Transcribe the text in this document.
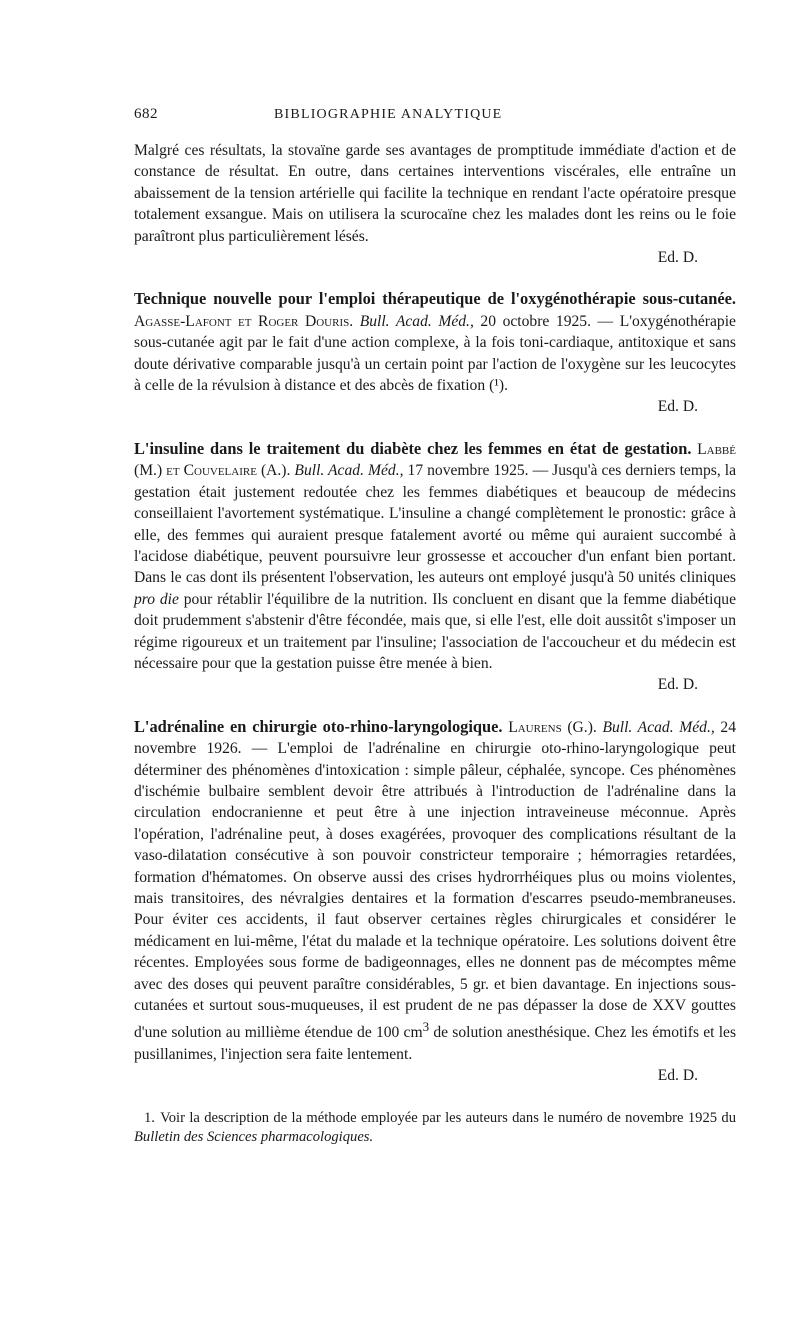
682	BIBLIOGRAPHIE ANALYTIQUE

Malgré ces résultats, la stovaïne garde ses avantages de promptitude immédiate d'action et de constance de résultat. En outre, dans certaines interventions viscérales, elle entraîne un abaissement de la tension artérielle qui facilite la technique en rendant l'acte opératoire presque totalement exsangue. Mais on utilisera la scurocaïne chez les malades dont les reins ou le foie paraîtront plus particulièrement lésés.

Ed. D.

Technique nouvelle pour l'emploi thérapeutique de l'oxygénothérapie sous-cutanée. Agasse-Lafont et Roger Douris. Bull. Acad. Méd., 20 octobre 1925. — L'oxygénothérapie sous-cutanée agit par le fait d'une action complexe, à la fois toni-cardiaque, antitoxique et sans doute dérivative comparable jusqu'à un certain point par l'action de l'oxygène sur les leucocytes à celle de la révulsion à distance et des abcès de fixation (¹).

Ed. D.

L'insuline dans le traitement du diabète chez les femmes en état de gestation. Labbé (M.) et Couvelaire (A.). Bull. Acad. Méd., 17 novembre 1925. — Jusqu'à ces derniers temps, la gestation était justement redoutée chez les femmes diabétiques et beaucoup de médecins conseillaient l'avortement systématique. L'insuline a changé complètement le pronostic: grâce à elle, des femmes qui auraient presque fatalement avorté ou même qui auraient succombé à l'acidose diabétique, peuvent poursuivre leur grossesse et accoucher d'un enfant bien portant. Dans le cas dont ils présentent l'observation, les auteurs ont employé jusqu'à 50 unités cliniques pro die pour rétablir l'équilibre de la nutrition. Ils concluent en disant que la femme diabétique doit prudemment s'abstenir d'être fécondée, mais que, si elle l'est, elle doit aussitôt s'imposer un régime rigoureux et un traitement par l'insuline; l'association de l'accoucheur et du médecin est nécessaire pour que la gestation puisse être menée à bien.

Ed. D.

L'adrénaline en chirurgie oto-rhino-laryngologique. Laurens (G.). Bull. Acad. Méd., 24 novembre 1926. — L'emploi de l'adrénaline en chirurgie oto-rhino-laryngologique peut déterminer des phénomènes d'intoxication : simple pâleur, céphalée, syncope. Ces phénomènes d'ischémie bulbaire semblent devoir être attribués à l'introduction de l'adrénaline dans la circulation endocranienne et peut être à une injection intraveineuse méconnue. Après l'opération, l'adrénaline peut, à doses exagérées, provoquer des complications résultant de la vaso-dilatation consécutive à son pouvoir constricteur temporaire ; hémorragies retardées, formation d'hématomes. On observe aussi des crises hydrorrhéiques plus ou moins violentes, mais transitoires, des névralgies dentaires et la formation d'escarres pseudo-membraneuses. Pour éviter ces accidents, il faut observer certaines règles chirurgicales et considérer le médicament en lui-même, l'état du malade et la technique opératoire. Les solutions doivent être récentes. Employées sous forme de badigeonnages, elles ne donnent pas de mécomptes même avec des doses qui peuvent paraître considérables, 5 gr. et bien davantage. En injections sous-cutanées et surtout sous-muqueuses, il est prudent de ne pas dépasser la dose de XXV gouttes d'une solution au millième étendue de 100 $cm^3$ de solution anesthésique. Chez les émotifs et les pusillanimes, l'injection sera faite lentement.

Ed. D.

1. Voir la description de la méthode employée par les auteurs dans le numéro de novembre 1925 du Bulletin des Sciences pharmacologiques.
